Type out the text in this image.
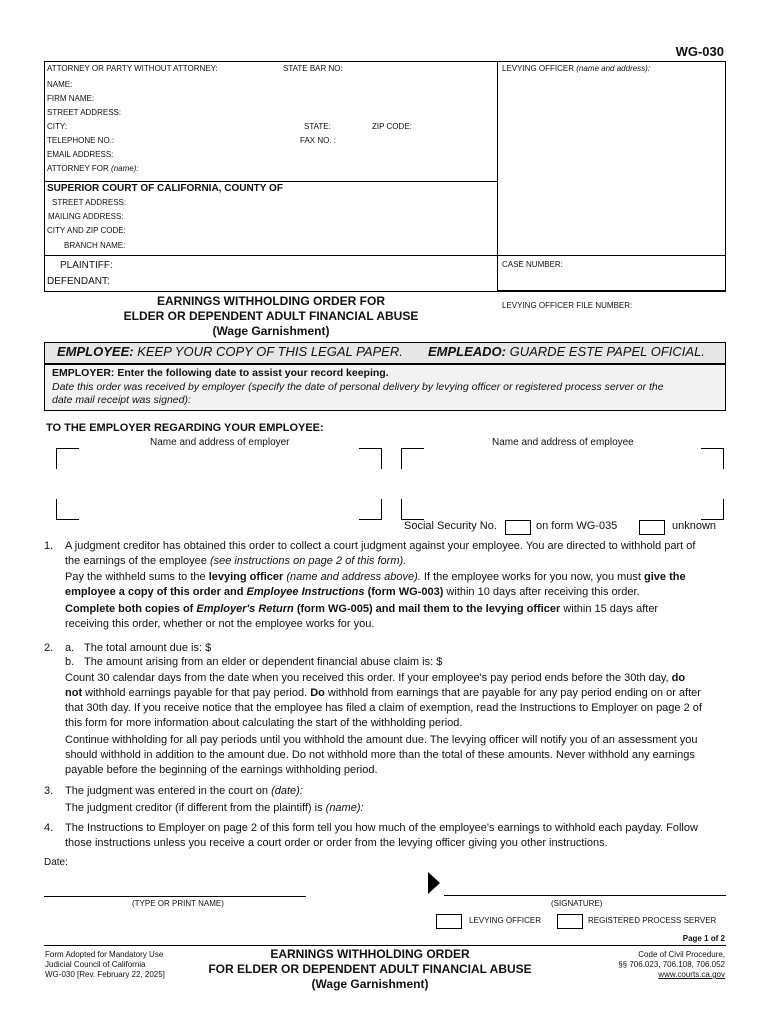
WG-030
ATTORNEY OR PARTY WITHOUT ATTORNEY:	STATE BAR NO:	LEVYING OFFICER (name and address):
NAME:
FIRM NAME:
STREET ADDRESS:
CITY:	STATE:	ZIP CODE:
TELEPHONE NO.:	FAX NO. :
EMAIL ADDRESS:
ATTORNEY FOR (name):
SUPERIOR COURT OF CALIFORNIA, COUNTY OF
STREET ADDRESS:
MAILING ADDRESS:
CITY AND ZIP CODE:
BRANCH NAME:
PLAINTIFF:
DEFENDANT:
CASE NUMBER:
LEVYING OFFICER FILE NUMBER:
EARNINGS WITHHOLDING ORDER FOR
ELDER OR DEPENDENT ADULT FINANCIAL ABUSE
(Wage Garnishment)
EMPLOYEE: KEEP YOUR COPY OF THIS LEGAL PAPER. EMPLEADO: GUARDE ESTE PAPEL OFICIAL.
EMPLOYER: Enter the following date to assist your record keeping.
Date this order was received by employer (specify the date of personal delivery by levying officer or registered process server or the
date mail receipt was signed):
TO THE EMPLOYER REGARDING YOUR EMPLOYEE:
Name and address of employer	Name and address of employee
Social Security No.	on form WG-035	unknown
1. A judgment creditor has obtained this order to collect a court judgment against your employee. You are directed to withhold part of
the earnings of the employee (see instructions on page 2 of this form).
Pay the withheld sums to the levying officer (name and address above). If the employee works for you now, you must give the
employee a copy of this order and Employee Instructions (form WG-003) within 10 days after receiving this order.
Complete both copies of Employer's Return (form WG-005) and mail them to the levying officer within 15 days after
receiving this order, whether or not the employee works for you.
2. a. The total amount due is: $
b. The amount arising from an elder or dependent financial abuse claim is: $
Count 30 calendar days from the date when you received this order. If your employee's pay period ends before the 30th day, do
not withhold earnings payable for that pay period. Do withhold from earnings that are payable for any pay period ending on or after
that 30th day. If you receive notice that the employee has filed a claim of exemption, read the Instructions to Employer on page 2 of
this form for more information about calculating the start of the withholding period.
Continue withholding for all pay periods until you withhold the amount due. The levying officer will notify you of an assessment you
should withhold in addition to the amount due. Do not withhold more than the total of these amounts. Never withhold any earnings
payable before the beginning of the earnings withholding period.
3. The judgment was entered in the court on (date):
The judgment creditor (if different from the plaintiff) is (name):
4. The Instructions to Employer on page 2 of this form tell you how much of the employee's earnings to withhold each payday. Follow
those instructions unless you receive a court order or order from the levying officer giving you other instructions.
Date:
(TYPE OR PRINT NAME)	(SIGNATURE)
LEVYING OFFICER	REGISTERED PROCESS SERVER
Page 1 of 2
Form Adopted for Mandatory Use
Judicial Council of California
WG-030 [Rev. February 22, 2025]
EARNINGS WITHHOLDING ORDER
FOR ELDER OR DEPENDENT ADULT FINANCIAL ABUSE
(Wage Garnishment)
Code of Civil Procedure,
§§ 706.023, 706.108, 706.052
www.courts.ca.gov
